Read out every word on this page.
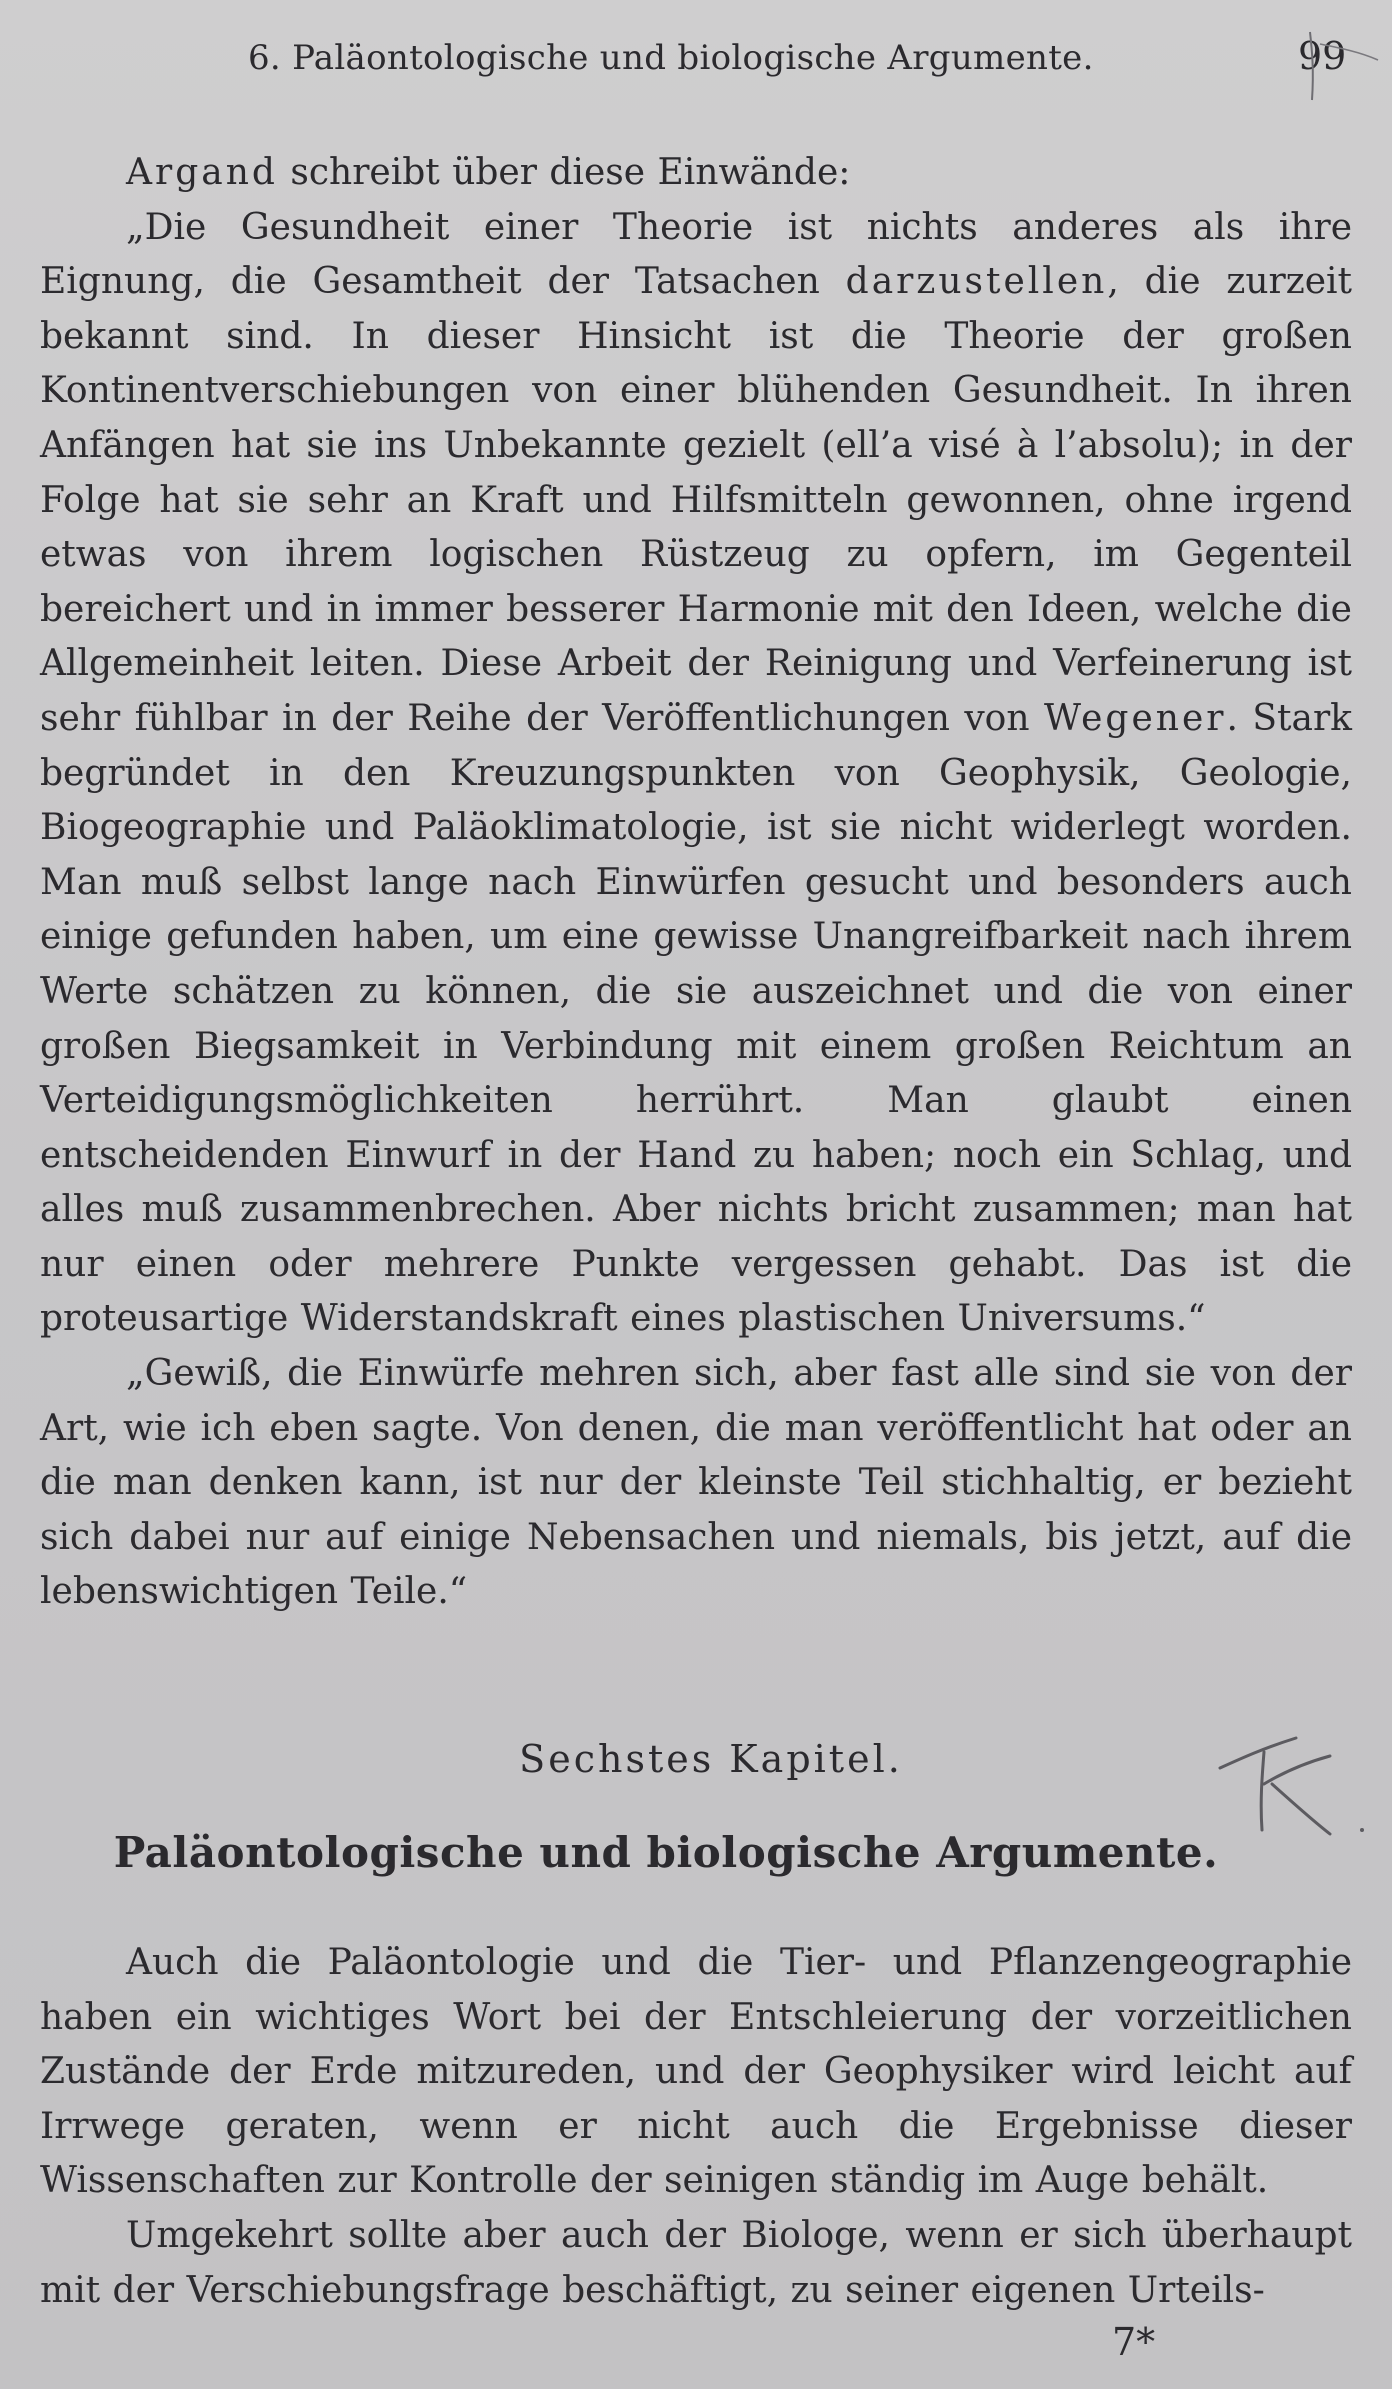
6. Paläontologische und biologische Argumente.	99

Argand schreibt über diese Einwände:

„Die Gesundheit einer Theorie ist nichts anderes als ihre Eignung, die Gesamtheit der Tatsachen darzustellen, die zurzeit bekannt sind. In dieser Hinsicht ist die Theorie der großen Kontinentverschiebungen von einer blühenden Gesundheit. In ihren Anfängen hat sie ins Unbekannte gezielt (ell’a visé à l’absolu); in der Folge hat sie sehr an Kraft und Hilfsmitteln gewonnen, ohne irgend etwas von ihrem logischen Rüstzeug zu opfern, im Gegenteil bereichert und in immer besserer Harmonie mit den Ideen, welche die Allgemeinheit leiten. Diese Arbeit der Reinigung und Verfeinerung ist sehr fühlbar in der Reihe der Veröffentlichungen von Wegener. Stark begründet in den Kreuzungspunkten von Geophysik, Geologie, Biogeographie und Paläoklimatologie, ist sie nicht widerlegt worden. Man muß selbst lange nach Einwürfen gesucht und besonders auch einige gefunden haben, um eine gewisse Unangreifbarkeit nach ihrem Werte schätzen zu können, die sie auszeichnet und die von einer großen Biegsamkeit in Verbindung mit einem großen Reichtum an Verteidigungsmöglichkeiten herrührt. Man glaubt einen entscheidenden Einwurf in der Hand zu haben; noch ein Schlag, und alles muß zusammenbrechen. Aber nichts bricht zusammen; man hat nur einen oder mehrere Punkte vergessen gehabt. Das ist die proteusartige Widerstandskraft eines plastischen Universums.“

„Gewiß, die Einwürfe mehren sich, aber fast alle sind sie von der Art, wie ich eben sagte. Von denen, die man veröffentlicht hat oder an die man denken kann, ist nur der kleinste Teil stichhaltig, er bezieht sich dabei nur auf einige Nebensachen und niemals, bis jetzt, auf die lebenswichtigen Teile.“

Sechstes Kapitel.
Paläontologische und biologische Argumente.

Auch die Paläontologie und die Tier- und Pflanzengeographie haben ein wichtiges Wort bei der Entschleierung der vorzeitlichen Zustände der Erde mitzureden, und der Geophysiker wird leicht auf Irrwege geraten, wenn er nicht auch die Ergebnisse dieser Wissenschaften zur Kontrolle der seinigen ständig im Auge behält.

Umgekehrt sollte aber auch der Biologe, wenn er sich überhaupt mit der Verschiebungsfrage beschäftigt, zu seiner eigenen Urteils-

7*
